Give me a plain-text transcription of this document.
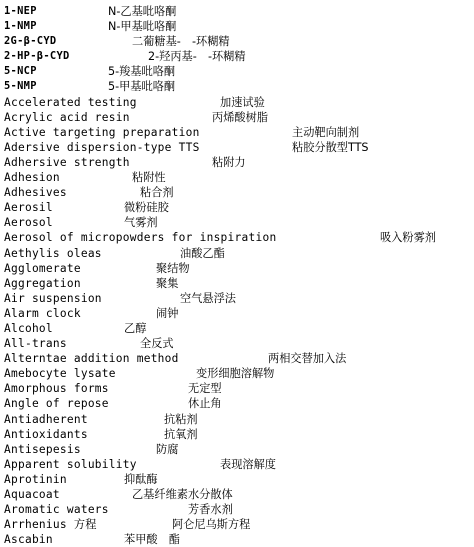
1-NEP	N-乙基吡咯酮
1-NMP	N-甲基吡咯酮
2G-β-CYD	二葡糖基-　-环糊精
2-HP-β-CYD	2-羟丙基-　-环糊精
5-NCP	5-羧基吡咯酮
5-NMP	5-甲基吡咯酮
Accelerated testing	加速试验
Acrylic acid resin	丙烯酸树脂
Active targeting preparation	主动靶向制剂
Adersive dispersion-type TTS	粘胶分散型TTS
Adhersive strength	粘附力
Adhesion	粘附性
Adhesives	粘合剂
Aerosil	微粉硅胶
Aerosol	气雾剂
Aerosol of micropowders for inspiration	吸入粉雾剂
Aethylis oleas	油酸乙酯
Agglomerate	聚结物
Aggregation	聚集
Air suspension	空气悬浮法
Alarm clock	闹钟
Alcohol	乙醇
All-trans	全反式
Alterntae addition method	两相交替加入法
Amebocyte lysate	变形细胞溶解物
Amorphous forms	无定型
Angle of repose	休止角
Antiadherent	抗粘剂
Antioxidants	抗氧剂
Antisepesis	防腐
Apparent solubility	表现溶解度
Aprotinin	抑酞酶
Aquacoat	乙基纤维素水分散体
Aromatic waters	芳香水剂
Arrhenius 方程	阿仑尼乌斯方程
Ascabin	苯甲酸　酯
